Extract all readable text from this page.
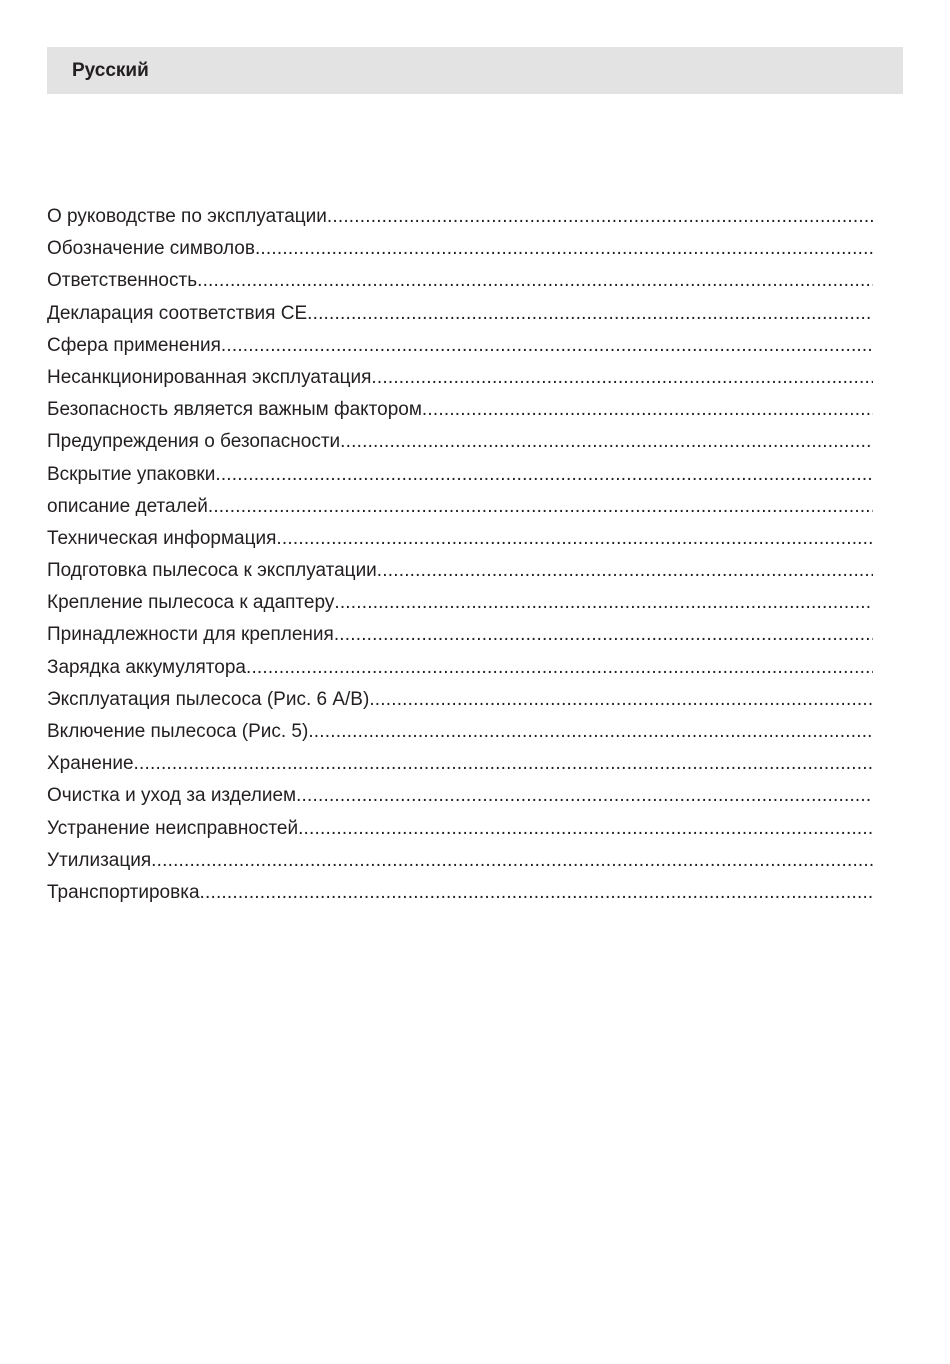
Русский
О руководстве по эксплуатации
.....
Обозначение символов
.....
Ответственность
.....
Декларация соответствия CE
.....
Сфера применения
.....
Несанкционированная эксплуатация
.....
Безопасность является важным фактором
.....
Предупреждения о безопасности
.....
Вскрытие упаковки
.....
описание деталей
.....
Техническая информация
.....
Подготовка пылесоса к эксплуатации
.....
Крепление пылесоса к адаптеру
.....
Принадлежности для крепления
.....
Зарядка аккумулятора
.....
Эксплуатация пылесоса (Рис. 6 A/B)
.....
Включение пылесоса (Рис. 5)
.....
Хранение
.....
Очистка и уход за изделием
.....
Устранение неисправностей
.....
Утилизация
.....
Транспортировка
.....
